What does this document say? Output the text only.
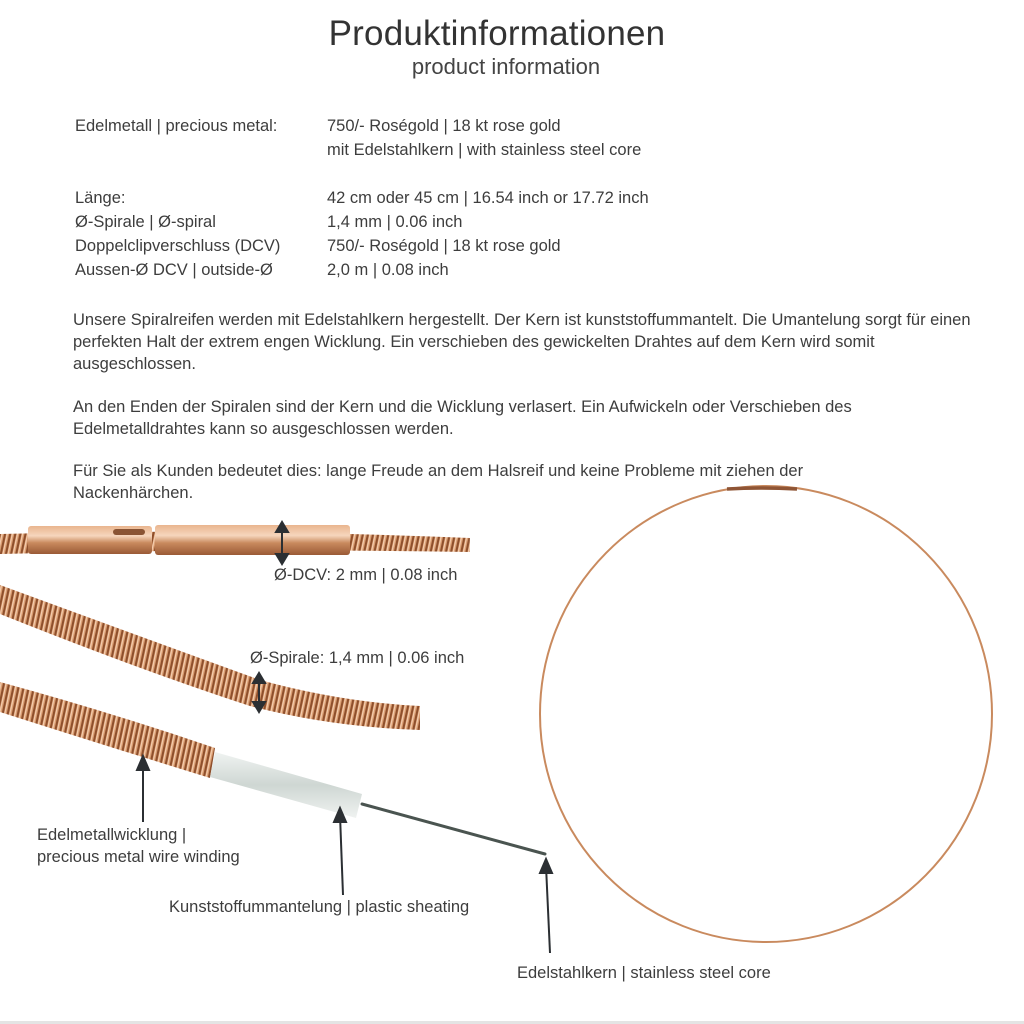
Produktinformationen
product information
Edelmetall | precious metal:	750/- Roségold | 18 kt rose gold
mit Edelstahlkern | with stainless steel core
Länge:	42 cm oder 45 cm | 16.54 inch or 17.72 inch
Ø-Spirale | Ø-spiral	1,4 mm | 0.06 inch
Doppelclipverschluss (DCV)	750/- Roségold | 18 kt rose gold
Aussen-Ø DCV | outside-Ø	2,0 m | 0.08 inch
Unsere Spiralreifen werden mit Edelstahlkern hergestellt. Der Kern ist kunststoffummantelt. Die Umantelung sorgt für einen perfekten Halt der extrem engen Wicklung. Ein verschieben des gewickelten Drahtes auf dem Kern wird somit ausgeschlossen.
An den Enden der Spiralen sind der Kern und die Wicklung verlasert. Ein Aufwickeln oder Verschieben des Edelmetalldrahtes kann so ausgeschlossen werden.
Für Sie als Kunden bedeutet dies: lange Freude an dem Halsreif und keine Probleme mit ziehen der Nackenhärchen.
Ø-DCV: 2 mm | 0.08 inch
Ø-Spirale: 1,4 mm | 0.06 inch
Edelmetallwicklung |
precious metal wire winding
Kunststoffummantelung | plastic sheating
Edelstahlkern | stainless steel core
